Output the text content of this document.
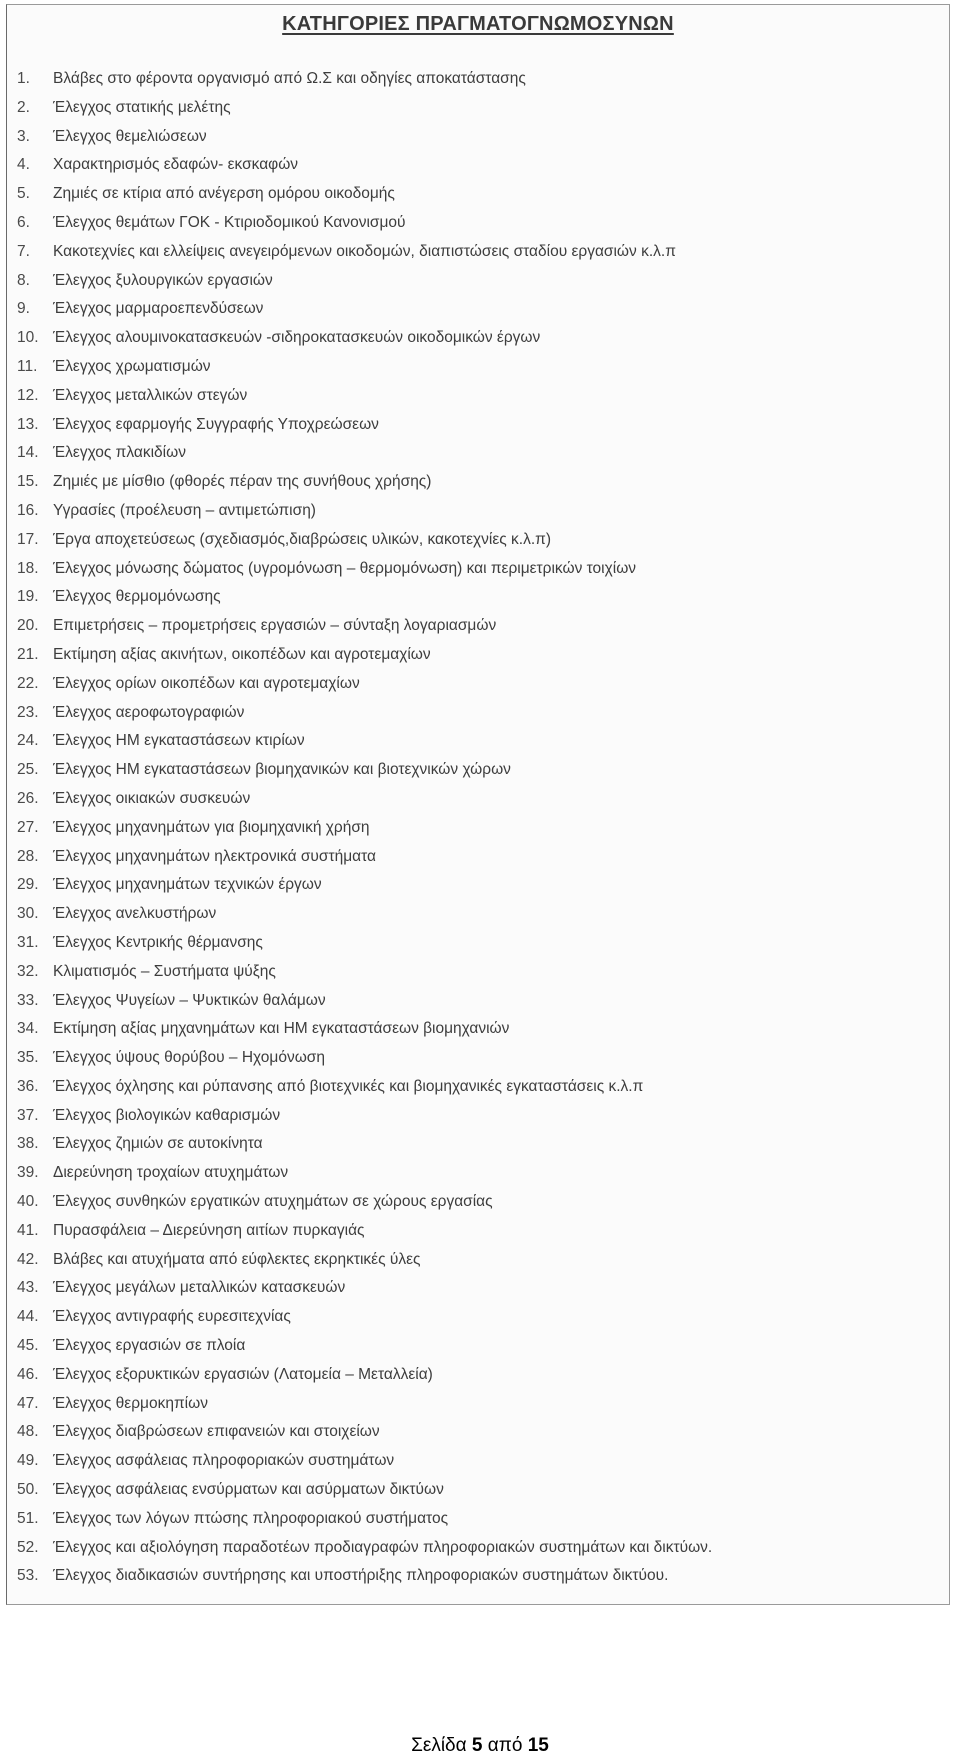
ΚΑΤΗΓΟΡΙΕΣ ΠΡΑΓΜΑΤΟΓΝΩΜΟΣΥΝΩΝ
1. Βλάβες στο φέροντα οργανισμό από Ω.Σ και οδηγίες αποκατάστασης
2. Έλεγχος στατικής μελέτης
3. Έλεγχος θεμελιώσεων
4. Χαρακτηρισμός εδαφών- εκσκαφών
5. Ζημιές σε κτίρια από ανέγερση ομόρου οικοδομής
6. Έλεγχος θεμάτων ΓΟΚ - Κτιριοδομικού Κανονισμού
7. Κακοτεχνίες και ελλείψεις ανεγειρόμενων οικοδομών, διαπιστώσεις σταδίου εργασιών κ.λ.π
8. Έλεγχος ξυλουργικών εργασιών
9. Έλεγχος μαρμαροεπενδύσεων
10. Έλεγχος αλουμινοκατασκευών -σιδηροκατασκευών οικοδομικών έργων
11. Έλεγχος χρωματισμών
12. Έλεγχος μεταλλικών στεγών
13. Έλεγχος εφαρμογής Συγγραφής Υποχρεώσεων
14. Έλεγχος πλακιδίων
15. Ζημιές με μίσθιο (φθορές πέραν της συνήθους χρήσης)
16. Υγρασίες (προέλευση – αντιμετώπιση)
17. Έργα αποχετεύσεως (σχεδιασμός,διαβρώσεις υλικών, κακοτεχνίες κ.λ.π)
18. Έλεγχος μόνωσης δώματος (υγρομόνωση – θερμομόνωση) και περιμετρικών τοιχίων
19. Έλεγχος θερμομόνωσης
20. Επιμετρήσεις – προμετρήσεις εργασιών – σύνταξη λογαριασμών
21. Εκτίμηση αξίας ακινήτων, οικοπέδων και αγροτεμαχίων
22. Έλεγχος ορίων οικοπέδων και αγροτεμαχίων
23. Έλεγχος αεροφωτογραφιών
24. Έλεγχος ΗΜ εγκαταστάσεων κτιρίων
25. Έλεγχος ΗΜ εγκαταστάσεων βιομηχανικών και βιοτεχνικών χώρων
26. Έλεγχος οικιακών συσκευών
27. Έλεγχος μηχανημάτων για βιομηχανική χρήση
28. Έλεγχος μηχανημάτων ηλεκτρονικά συστήματα
29. Έλεγχος μηχανημάτων τεχνικών έργων
30. Έλεγχος ανελκυστήρων
31. Έλεγχος Κεντρικής θέρμανσης
32. Κλιματισμός – Συστήματα ψύξης
33. Έλεγχος Ψυγείων – Ψυκτικών θαλάμων
34. Εκτίμηση αξίας μηχανημάτων και ΗΜ εγκαταστάσεων βιομηχανιών
35. Έλεγχος ύψους θορύβου – Ηχομόνωση
36. Έλεγχος όχλησης και ρύπανσης από βιοτεχνικές και βιομηχανικές εγκαταστάσεις κ.λ.π
37. Έλεγχος βιολογικών καθαρισμών
38. Έλεγχος ζημιών σε αυτοκίνητα
39. Διερεύνηση τροχαίων ατυχημάτων
40. Έλεγχος συνθηκών εργατικών ατυχημάτων σε χώρους εργασίας
41. Πυρασφάλεια – Διερεύνηση αιτίων πυρκαγιάς
42. Βλάβες και ατυχήματα από εύφλεκτες εκρηκτικές ύλες
43. Έλεγχος μεγάλων μεταλλικών κατασκευών
44. Έλεγχος αντιγραφής ευρεσιτεχνίας
45. Έλεγχος εργασιών σε πλοία
46. Έλεγχος εξορυκτικών εργασιών (Λατομεία – Μεταλλεία)
47. Έλεγχος θερμοκηπίων
48. Έλεγχος διαβρώσεων επιφανειών και στοιχείων
49. Έλεγχος ασφάλειας πληροφοριακών συστημάτων
50. Έλεγχος ασφάλειας ενσύρματων και ασύρματων δικτύων
51. Έλεγχος των λόγων πτώσης πληροφοριακού συστήματος
52. Έλεγχος και αξιολόγηση παραδοτέων προδιαγραφών πληροφοριακών συστημάτων και δικτύων.
53. Έλεγχος διαδικασιών συντήρησης και υποστήριξης πληροφοριακών συστημάτων δικτύου.
Σελίδα 5 από 15
